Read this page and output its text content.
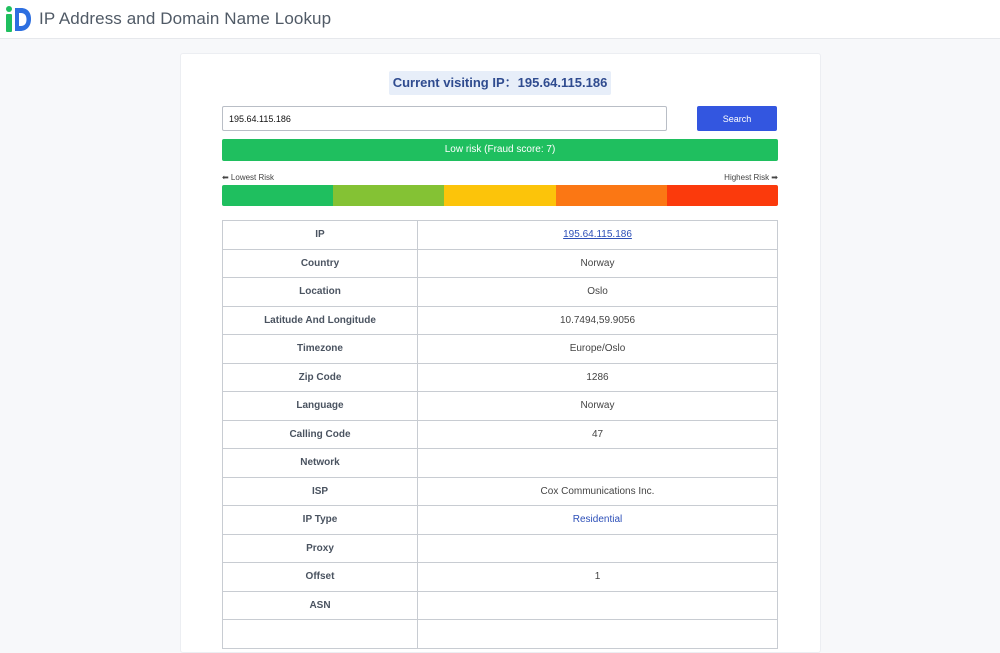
IP Address and Domain Name Lookup
Current visiting IP：195.64.115.186
195.64.115.186
Search
Low risk (Fraud score: 7)
⬅ Lowest Risk	Highest Risk ➡
IP	195.64.115.186
Country	Norway
Location	Oslo
Latitude And Longitude	10.7494,59.9056
Timezone	Europe/Oslo
Zip Code	1286
Language	Norway
Calling Code	47
Network	
ISP	Cox Communications Inc.
IP Type	Residential
Proxy	
Offset	1
ASN	
